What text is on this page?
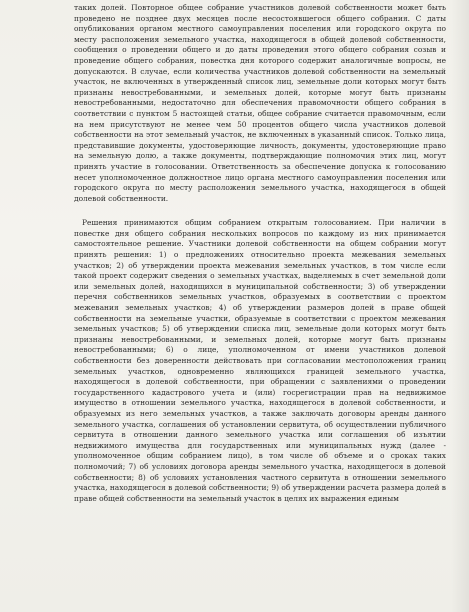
таких долей. Повторное общее собрание участников долевой собственности может быть проведено не позднее двух месяцев после несостоявшегося общего собрания. С даты опубликования органом местного самоуправления поселения или городского округа по месту расположения земельного участка, находящегося в общей долевой собственности, сообщения о проведении общего и до даты проведения этого общего собрания созыв и проведение общего собрания, повестка дня которого содержит аналогичные вопросы, не допускаются. В случае, если количества участников долевой собственности на земельный участок, не включенных в утвержденный список лиц, земельные доли которых могут быть признаны невостребованными, и земельных долей, которые могут быть признаны невостребованными, недостаточно для обеспечения правомочности общего собрания в соответствии с пунктом 5 настоящей статьи, общее собрание считается правомочным, если на нем присутствуют не менее чем 50 процентов общего числа участников долевой собственности на этот земельный участок, не включенных в указанный список. Только лица, представившие документы, удостоверяющие личность, документы, удостоверяющие право на земельную долю, а также документы, подтверждающие полномочия этих лиц, могут принять участие в голосовании. Ответственность за обеспечение допуска к голосованию несет уполномоченное должностное лицо органа местного самоуправления поселения или городского округа по месту расположения земельного участка, находящегося в общей долевой собственности.

Решения принимаются общим собранием открытым голосованием. При наличии в повестке дня общего собрания нескольких вопросов по каждому из них принимается самостоятельное решение. Участники долевой собственности на общем собрании могут принять решения: 1) о предложениях относительно проекта межевания земельных участков; 2) об утверждении проекта межевания земельных участков, в том числе если такой проект содержит сведения о земельных участках, выделяемых в счет земельной доли или земельных долей, находящихся в муниципальной собственности; 3) об утверждении перечня собственников земельных участков, образуемых в соответствии с проектом межевания земельных участков; 4) об утверждении размеров долей в праве общей собственности на земельные участки, образуемые в соответствии с проектом межевания земельных участков; 5) об утверждении списка лиц, земельные доли которых могут быть признаны невостребованными, и земельных долей, которые могут быть признаны невостребованными; 6) о лице, уполномоченном от имени участников долевой собственности без доверенности действовать при согласовании местоположения границ земельных участков, одновременно являющихся границей земельного участка, находящегося в долевой собственности, при обращении с заявлениями о проведении государственного кадастрового учета и (или) госрегистрации прав на недвижимое имущество в отношении земельного участка, находящегося в долевой собственности, и образуемых из него земельных участков, а также заключать договоры аренды данного земельного участка, соглашения об установлении сервитута, об осуществлении публичного сервитута в отношении данного земельного участка или соглашения об изъятии недвижимого имущества для государственных или муниципальных нужд (далее - уполномоченное общим собранием лицо), в том числе об объеме и о сроках таких полномочий; 7) об условиях договора аренды земельного участка, находящегося в долевой собственности; 8) об условиях установления частного сервитута в отношении земельного участка, находящегося в долевой собственности; 9) об утверждении расчета размера долей в праве общей собственности на земельный участок в целях их выражения единым
